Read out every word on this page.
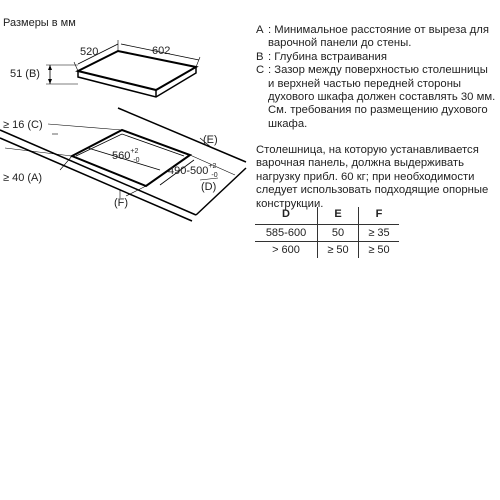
Размеры в мм
520	602
51 (B)
≥ 16 (C)
≥ 40 (A)
$560^{+2}_{-0}$
$490-500^{+2}_{-0}$
(E)
(D)
(F)
A : Минимальное расстояние от выреза для варочной панели до стены.
B : Глубина встраивания
C : Зазор между поверхностью столешницы и верхней частью передней стороны духового шкафа должен составлять 30 мм. См. требования по размещению духового шкафа.
Столешница, на которую устанавливается варочная панель, должна выдерживать нагрузку прибл. 60 кг; при необходимости следует использовать подходящие опорные конструкции.
D	E	F
585-600	50	≥ 35
> 600	≥ 50	≥ 50
